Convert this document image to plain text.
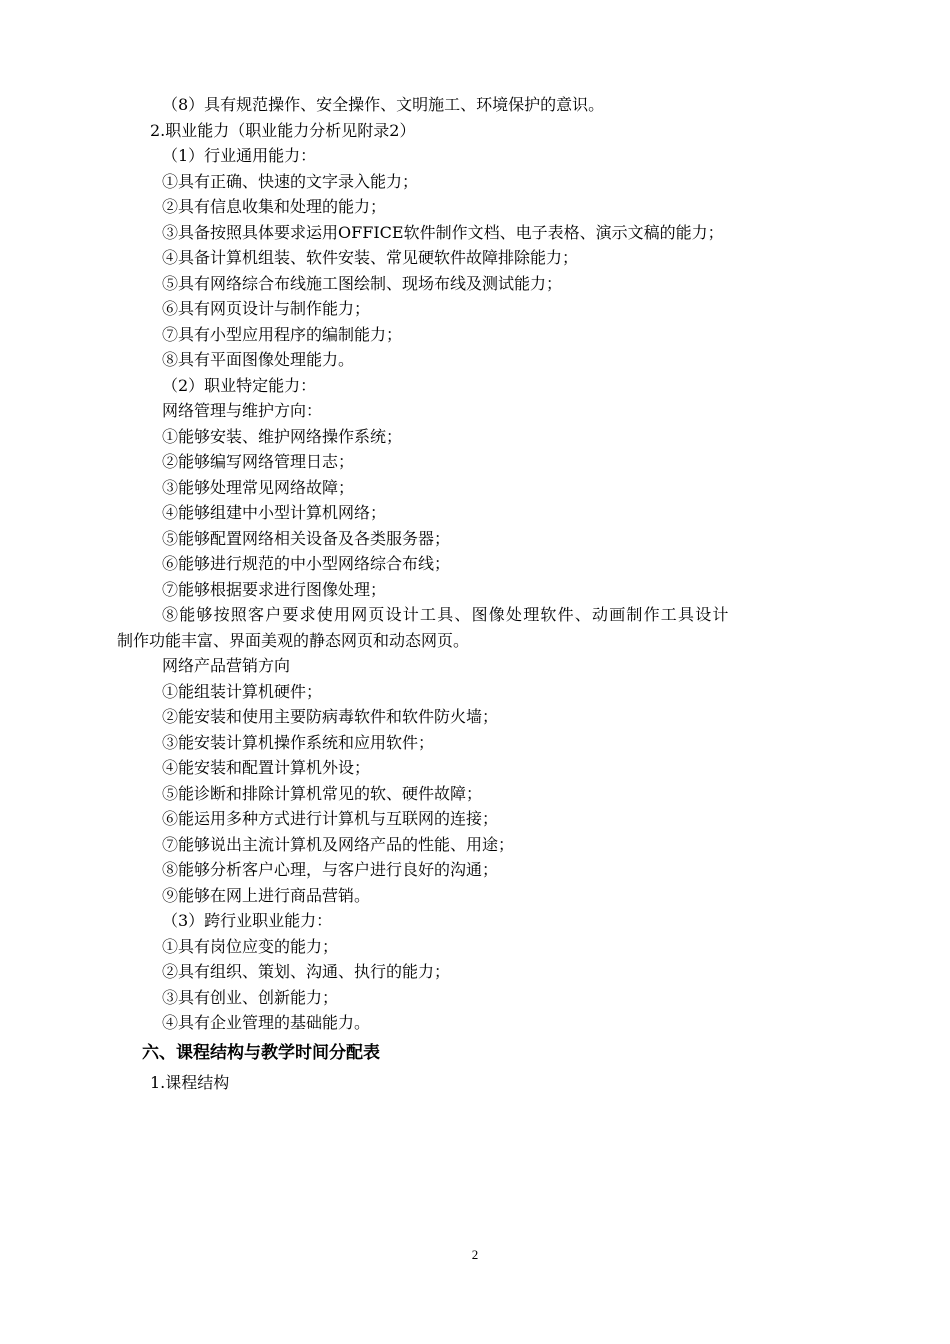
（8）具有规范操作、安全操作、文明施工、环境保护的意识。
2.职业能力（职业能力分析见附录2）
（1）行业通用能力：
①具有正确、快速的文字录入能力；
②具有信息收集和处理的能力；
③具备按照具体要求运用OFFICE软件制作文档、电子表格、演示文稿的能力；
④具备计算机组装、软件安装、常见硬软件故障排除能力；
⑤具有网络综合布线施工图绘制、现场布线及测试能力；
⑥具有网页设计与制作能力；
⑦具有小型应用程序的编制能力；
⑧具有平面图像处理能力。
（2）职业特定能力：
网络管理与维护方向：
①能够安装、维护网络操作系统；
②能够编写网络管理日志；
③能够处理常见网络故障；
④能够组建中小型计算机网络；
⑤能够配置网络相关设备及各类服务器；
⑥能够进行规范的中小型网络综合布线；
⑦能够根据要求进行图像处理；
⑧能够按照客户要求使用网页设计工具、图像处理软件、动画制作工具设计
制作功能丰富、界面美观的静态网页和动态网页。
网络产品营销方向
①能组装计算机硬件；
②能安装和使用主要防病毒软件和软件防火墙；
③能安装计算机操作系统和应用软件；
④能安装和配置计算机外设；
⑤能诊断和排除计算机常见的软、硬件故障；
⑥能运用多种方式进行计算机与互联网的连接；
⑦能够说出主流计算机及网络产品的性能、用途；
⑧能够分析客户心理，与客户进行良好的沟通；
⑨能够在网上进行商品营销。
（3）跨行业职业能力：
①具有岗位应变的能力；
②具有组织、策划、沟通、执行的能力；
③具有创业、创新能力；
④具有企业管理的基础能力。
六、课程结构与教学时间分配表
1.课程结构
2
